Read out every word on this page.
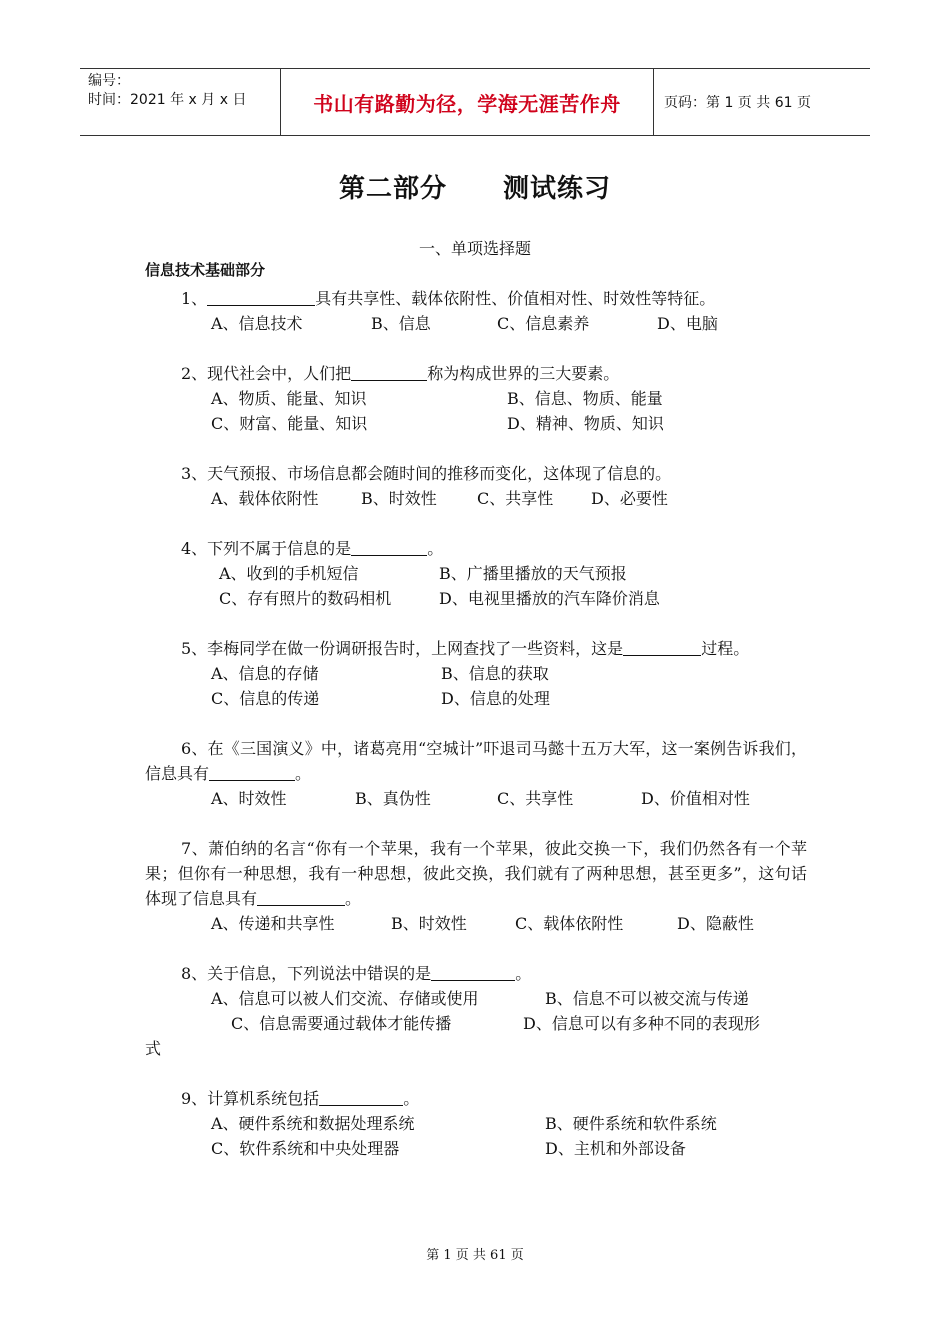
编号：
时间：2021 年 x 月 x 日	书山有路勤为径，学海无涯苦作舟	页码：第 1 页 共 61 页
第二部分 测试练习
一、单项选择题
信息技术基础部分
1、	具有共享性、载体依附性、价值相对性、时效性等特征。
A、信息技术	B、信息	C、信息素养	D、电脑
2、现代社会中，人们把	称为构成世界的三大要素。
A、物质、能量、知识	B、信息、物质、能量
C、财富、能量、知识	D、精神、物质、知识
3、天气预报、市场信息都会随时间的推移而变化，这体现了信息的。
A、载体依附性	B、时效性	C、共享性 D、必要性
4、下列不属于信息的是	。
A、收到的手机短信	B、广播里播放的天气预报
C、存有照片的数码相机	D、电视里播放的汽车降价消息
5、李梅同学在做一份调研报告时，上网查找了一些资料，这是	过程。
A、信息的存储	B、信息的获取
C、信息的传递	D、信息的处理
6、在《三国演义》中，诸葛亮用“空城计”吓退司马懿十五万大军，这一案例告诉我们，信息具有	。
A、时效性	B、真伪性	C、共享性	D、价值相对性
7、萧伯纳的名言“你有一个苹果，我有一个苹果，彼此交换一下，我们仍然各有一个苹果；但你有一种思想，我有一种思想，彼此交换，我们就有了两种思想，甚至更多”，这句话体现了信息具有	。
A、传递和共享性	B、时效性	C、载体依附性	D、隐蔽性
8、关于信息，下列说法中错误的是	。
A、信息可以被人们交流、存储或使用	B、信息不可以被交流与传递
C、信息需要通过载体才能传播	D、信息可以有多种不同的表现形
式
9、计算机系统包括	。
A、硬件系统和数据处理系统	B、硬件系统和软件系统
C、软件系统和中央处理器	D、主机和外部设备
第 1 页 共 61 页
